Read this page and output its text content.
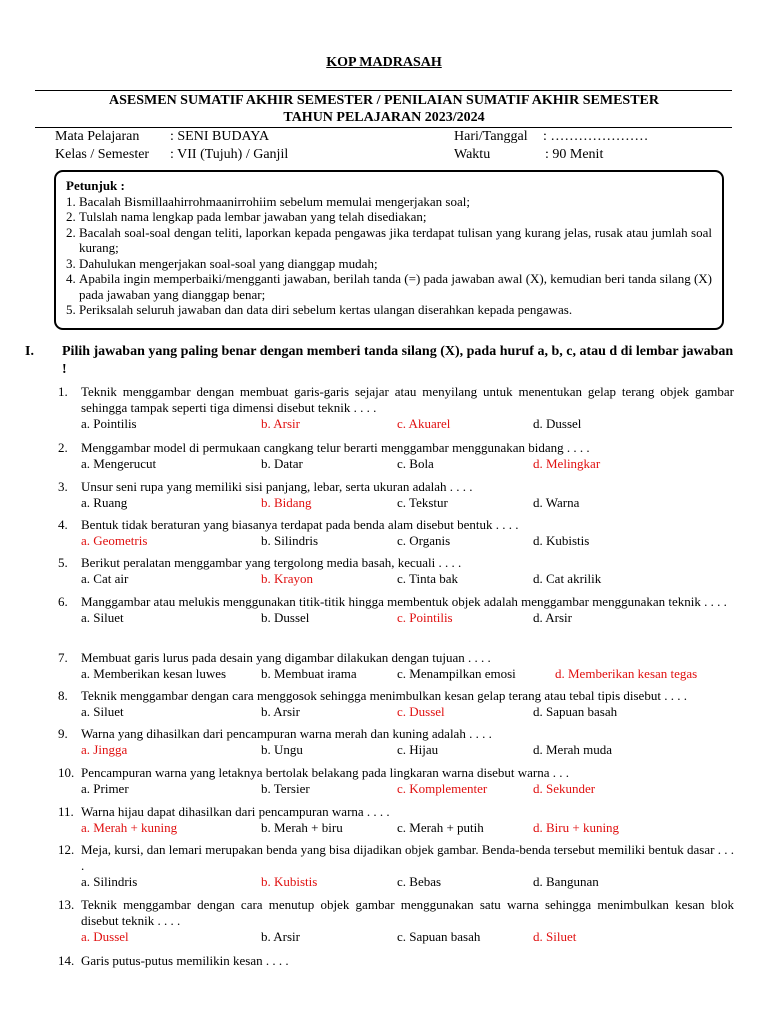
KOP MADRASAH
ASESMEN SUMATIF AKHIR SEMESTER / PENILAIAN SUMATIF AKHIR SEMESTER
TAHUN PELAJARAN 2023/2024
Mata Pelajaran : SENI BUDAYA	Hari/Tanggal : …………………
Kelas / Semester : VII (Tujuh) / Ganjil	Waktu	: 90 Menit
Petunjuk :
1. Bacalah Bismillaahirrohmaanirrohiim sebelum memulai mengerjakan soal;
2. Tulslah nama lengkap pada lembar jawaban yang telah disediakan;
2. Bacalah soal-soal dengan teliti, laporkan kepada pengawas jika terdapat tulisan yang kurang jelas, rusak atau jumlah soal kurang;
3. Dahulukan mengerjakan soal-soal yang dianggap mudah;
4. Apabila ingin memperbaiki/mengganti jawaban, berilah tanda (=) pada jawaban awal (X), kemudian beri tanda silang (X) pada jawaban yang dianggap benar;
5. Periksalah seluruh jawaban dan data diri sebelum kertas ulangan diserahkan kepada pengawas.
I. Pilih jawaban yang paling benar dengan memberi tanda silang (X), pada huruf a, b, c, atau d di lembar jawaban !
1. Teknik menggambar dengan membuat garis-garis sejajar atau menyilang untuk menentukan gelap terang objek gambar sehingga tampak seperti tiga dimensi disebut teknik . . . .
a. Pointilis	b. Arsir	c. Akuarel	d. Dussel
2. Menggambar model di permukaan cangkang telur berarti menggambar menggunakan bidang . . . .
a. Mengerucut	b. Datar	c. Bola	d. Melingkar
3. Unsur seni rupa yang memiliki sisi panjang, lebar, serta ukuran adalah . . . .
a. Ruang	b. Bidang	c. Tekstur	d. Warna
4. Bentuk tidak beraturan yang biasanya terdapat pada benda alam disebut bentuk . . . .
a. Geometris	b. Silindris	c. Organis	d. Kubistis
5. Berikut peralatan menggambar yang tergolong media basah, kecuali . . . .
a. Cat air	b. Krayon	c. Tinta bak	d. Cat akrilik
6. Manggambar atau melukis menggunakan titik-titik hingga membentuk objek adalah menggambar menggunakan teknik . . . .
a. Siluet	b. Dussel	c. Pointilis	d. Arsir
7. Membuat garis lurus pada desain yang digambar dilakukan dengan tujuan . . . .
a. Memberikan kesan luwes	b. Membuat irama	c. Menampilkan emosi	d. Memberikan kesan tegas
8. Teknik menggambar dengan cara menggosok sehingga menimbulkan kesan gelap terang atau tebal tipis disebut . . . .
a. Siluet	b. Arsir	c. Dussel	d. Sapuan basah
9. Warna yang dihasilkan dari pencampuran warna merah dan kuning adalah . . . .
a. Jingga	b. Ungu	c. Hijau	d. Merah muda
10. Pencampuran warna yang letaknya bertolak belakang pada lingkaran warna disebut warna . . .
a. Primer	b. Tersier	c. Komplementer	d. Sekunder
11. Warna hijau dapat dihasilkan dari pencampuran warna . . . .
a. Merah + kuning	b. Merah + biru	c. Merah + putih	d. Biru + kuning
12. Meja, kursi, dan lemari merupakan benda yang bisa dijadikan objek gambar. Benda-benda tersebut memiliki bentuk dasar . . . .
a. Silindris	b. Kubistis	c. Bebas	d. Bangunan
13. Teknik menggambar dengan cara menutup objek gambar menggunakan satu warna sehingga menimbulkan kesan blok disebut teknik . . . .
a. Dussel	b. Arsir	c. Sapuan basah	d. Siluet
14. Garis putus-putus memilikin kesan . . . .
